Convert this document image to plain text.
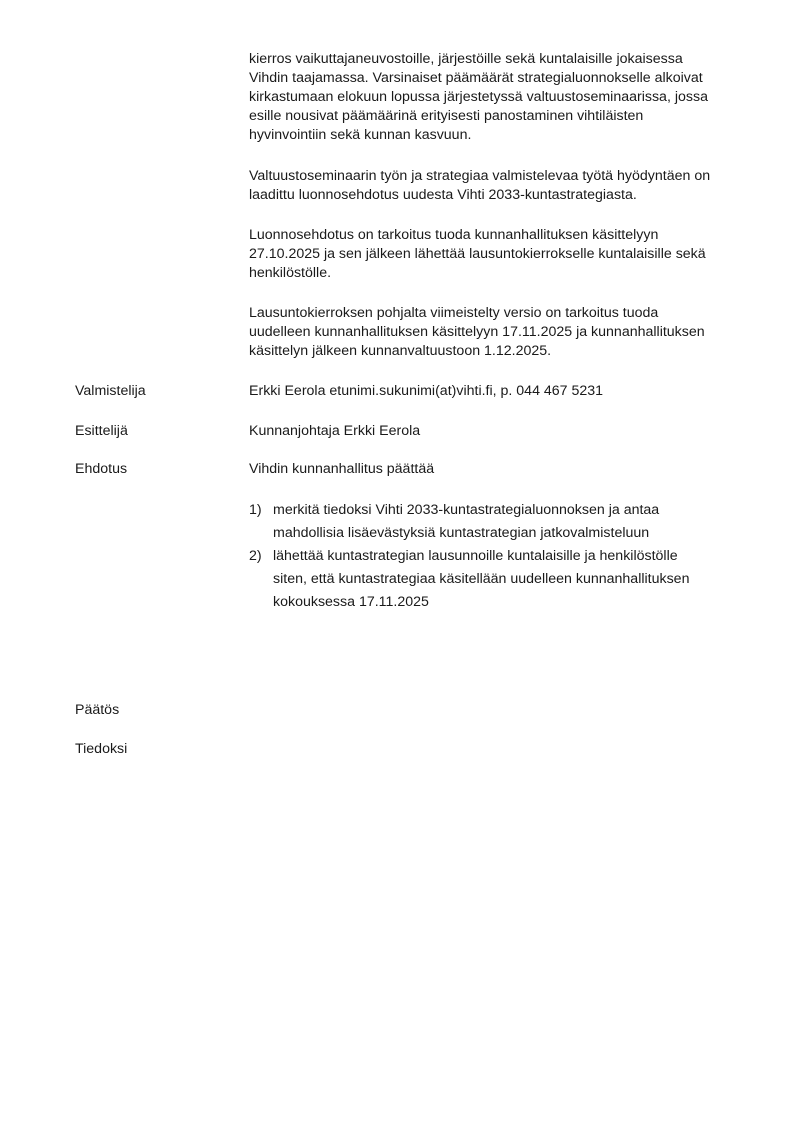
kierros vaikuttajaneuvostoille, järjestöille sekä kuntalaisille jokaisessa
Vihdin taajamassa. Varsinaiset päämäärät strategialuonnokselle alkoivat
kirkastumaan elokuun lopussa järjestetyssä valtuustoseminaarissa, jossa
esille nousivat päämäärinä erityisesti panostaminen vihtiläisten
hyvinvointiin sekä kunnan kasvuun.

Valtuustoseminaarin työn ja strategiaa valmistelevaa työtä hyödyntäen on
laadittu luonnosehdotus uudesta Vihti 2033-kuntastrategiasta.

Luonnosehdotus on tarkoitus tuoda kunnanhallituksen käsittelyyn
27.10.2025 ja sen jälkeen lähettää lausuntokierrokselle kuntalaisille sekä
henkilöstölle.

Lausuntokierroksen pohjalta viimeistelty versio on tarkoitus tuoda
uudelleen kunnanhallituksen käsittelyyn 17.11.2025 ja kunnanhallituksen
käsittelyn jälkeen kunnanvaltuustoon 1.12.2025.

Valmistelija	Erkki Eerola etunimi.sukunimi(at)vihti.fi, p. 044 467 5231

Esittelijä	Kunnanjohtaja Erkki Eerola

Ehdotus	Vihdin kunnanhallitus päättää

1) merkitä tiedoksi Vihti 2033-kuntastrategialuonnoksen ja antaa
mahdollisia lisäevästyksiä kuntastrategian jatkovalmisteluun
2) lähettää kuntastrategian lausunnoille kuntalaisille ja henkilöstölle
siten, että kuntastrategiaa käsitellään uudelleen kunnanhallituksen
kokouksessa 17.11.2025

Päätös

Tiedoksi
